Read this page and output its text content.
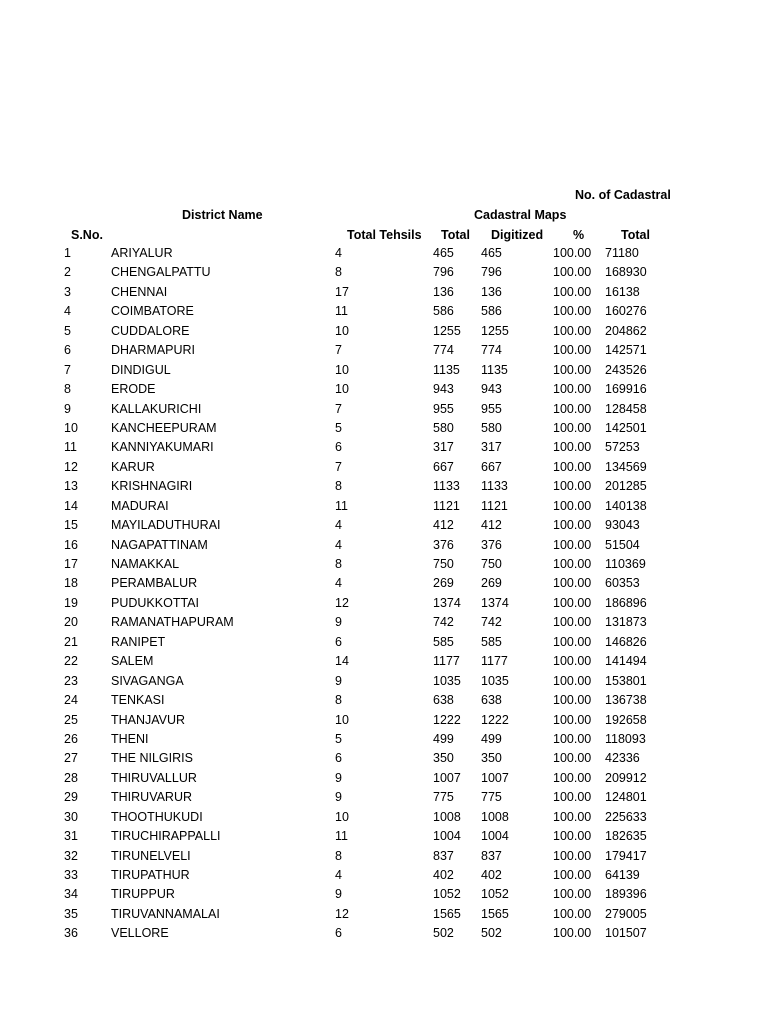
No. of Cadastral
District Name	Cadastral Maps
S.No.	Total Tehsils Total Digitized %	Total
1	ARIYALUR	4	465 465	100.00 71180
2	CHENGALPATTU	8	796 796	100.00 168930
3	CHENNAI	17	136 136	100.00 16138
4	COIMBATORE	11	586 586	100.00 160276
5	CUDDALORE	10	1255 1255	100.00 204862
6	DHARMAPURI	7	774 774	100.00 142571
7	DINDIGUL	10	1135 1135	100.00 243526
8	ERODE	10	943 943	100.00 169916
9	KALLAKURICHI	7	955 955	100.00 128458
10	KANCHEEPURAM	5	580 580	100.00 142501
11	KANNIYAKUMARI	6	317 317	100.00 57253
12	KARUR	7	667 667	100.00 134569
13	KRISHNAGIRI	8	1133 1133	100.00 201285
14	MADURAI	11	1121 1121	100.00 140138
15	MAYILADUTHURAI	4	412 412	100.00 93043
16	NAGAPATTINAM	4	376 376	100.00 51504
17	NAMAKKAL	8	750 750	100.00 110369
18	PERAMBALUR	4	269 269	100.00 60353
19	PUDUKKOTTAI	12	1374 1374	100.00 186896
20	RAMANATHAPURAM	9	742 742	100.00 131873
21	RANIPET	6	585 585	100.00 146826
22	SALEM	14	1177 1177	100.00 141494
23	SIVAGANGA	9	1035 1035	100.00 153801
24	TENKASI	8	638 638	100.00 136738
25	THANJAVUR	10	1222 1222	100.00 192658
26	THENI	5	499 499	100.00 118093
27	THE NILGIRIS	6	350 350	100.00 42336
28	THIRUVALLUR	9	1007 1007	100.00 209912
29	THIRUVARUR	9	775 775	100.00 124801
30	THOOTHUKUDI	10	1008 1008	100.00 225633
31	TIRUCHIRAPPALLI	11	1004 1004	100.00 182635
32	TIRUNELVELI	8	837 837	100.00 179417
33	TIRUPATHUR	4	402 402	100.00 64139
34	TIRUPPUR	9	1052 1052	100.00 189396
35	TIRUVANNAMALAI	12	1565 1565	100.00 279005
36	VELLORE	6	502 502	100.00 101507
